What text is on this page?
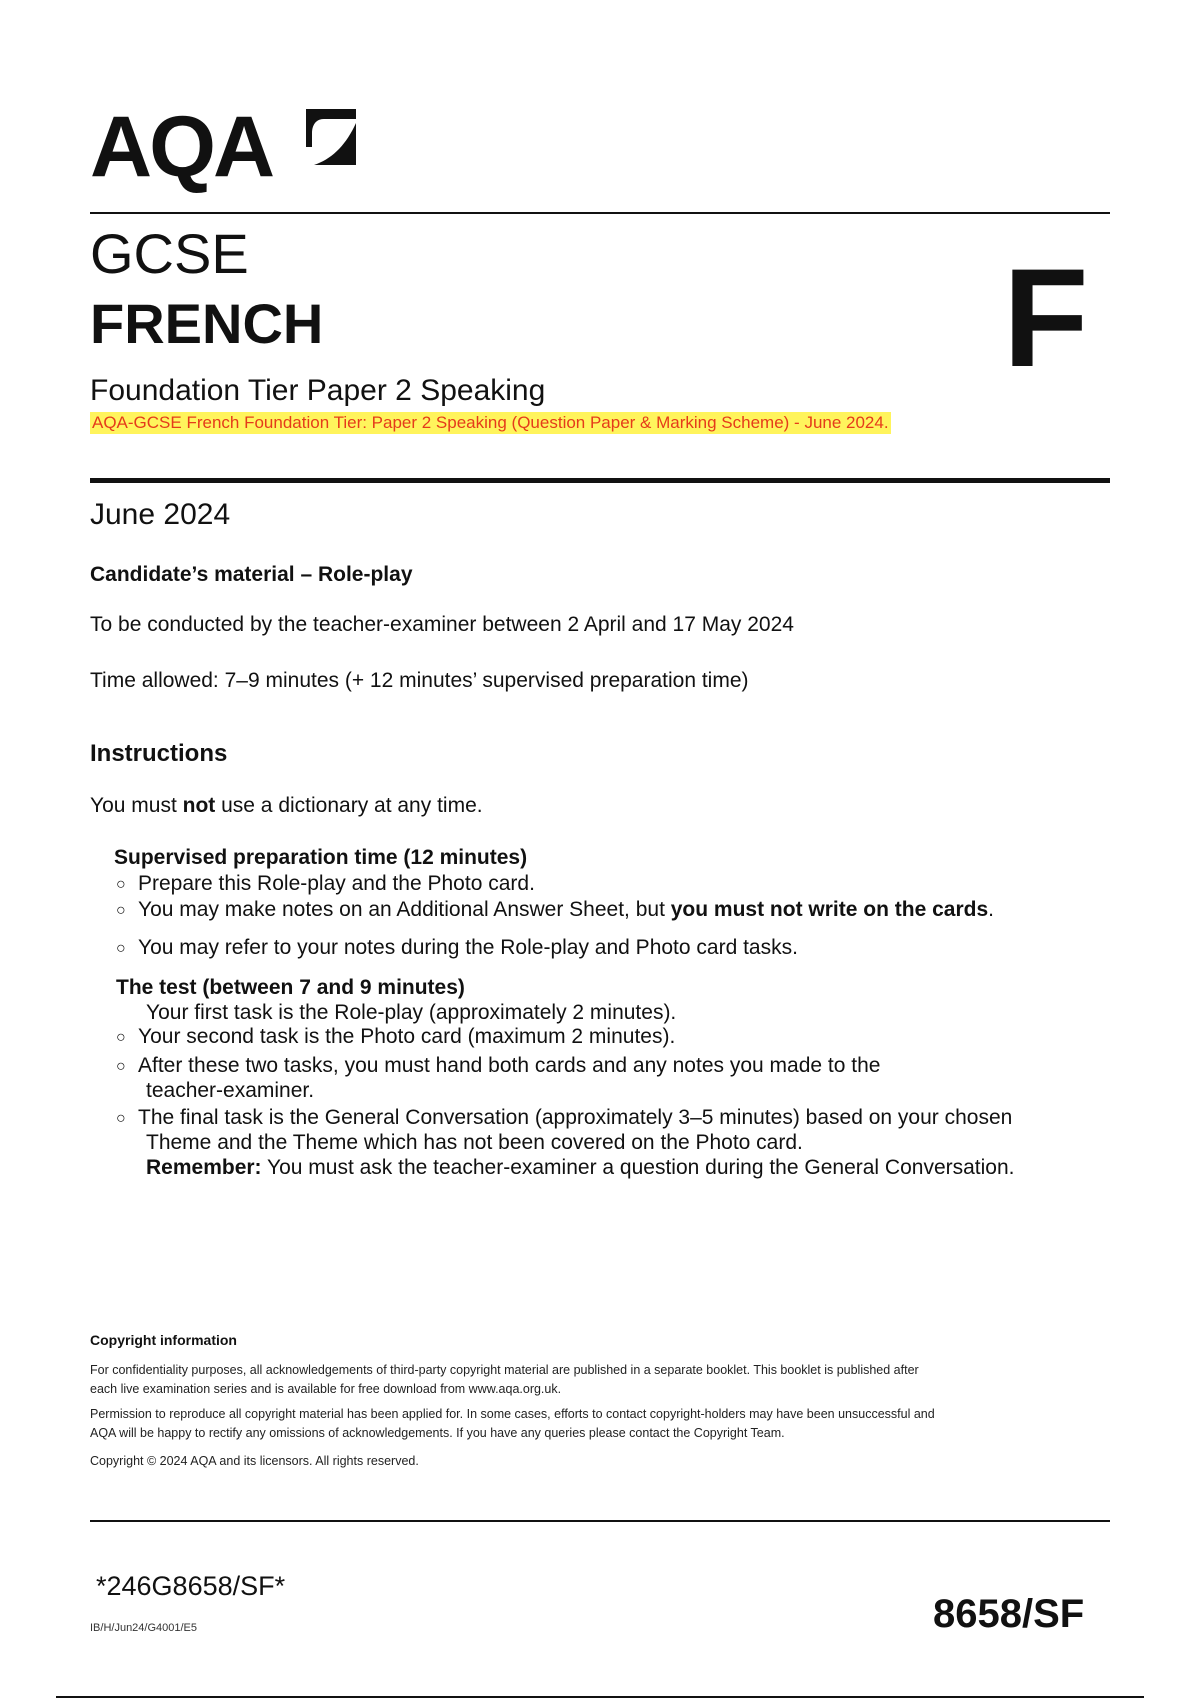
AQA
GCSE
FRENCH	F
Foundation Tier Paper 2 Speaking
AQA-GCSE French Foundation Tier: Paper 2 Speaking (Question Paper & Marking Scheme) - June 2024.
June 2024
Candidate’s material – Role-play
To be conducted by the teacher-examiner between 2 April and 17 May 2024
Time allowed: 7–9 minutes (+ 12 minutes’ supervised preparation time)
Instructions
You must not use a dictionary at any time.
Supervised preparation time (12 minutes)
○ Prepare this Role-play and the Photo card.
○ You may make notes on an Additional Answer Sheet, but you must not write on the cards.
○ You may refer to your notes during the Role-play and Photo card tasks.
The test (between 7 and 9 minutes)
Your first task is the Role-play (approximately 2 minutes).
○ Your second task is the Photo card (maximum 2 minutes).
○ After these two tasks, you must hand both cards and any notes you made to the
teacher-examiner.
○ The final task is the General Conversation (approximately 3–5 minutes) based on your chosen
Theme and the Theme which has not been covered on the Photo card.
Remember: You must ask the teacher-examiner a question during the General Conversation.
Copyright information
For confidentiality purposes, all acknowledgements of third-party copyright material are published in a separate booklet. This booklet is published after
each live examination series and is available for free download from www.aqa.org.uk.
Permission to reproduce all copyright material has been applied for. In some cases, efforts to contact copyright-holders may have been unsuccessful and
AQA will be happy to rectify any omissions of acknowledgements. If you have any queries please contact the Copyright Team.
Copyright © 2024 AQA and its licensors. All rights reserved.
*246G8658/SF*
IB/H/Jun24/G4001/E5	8658/SF
